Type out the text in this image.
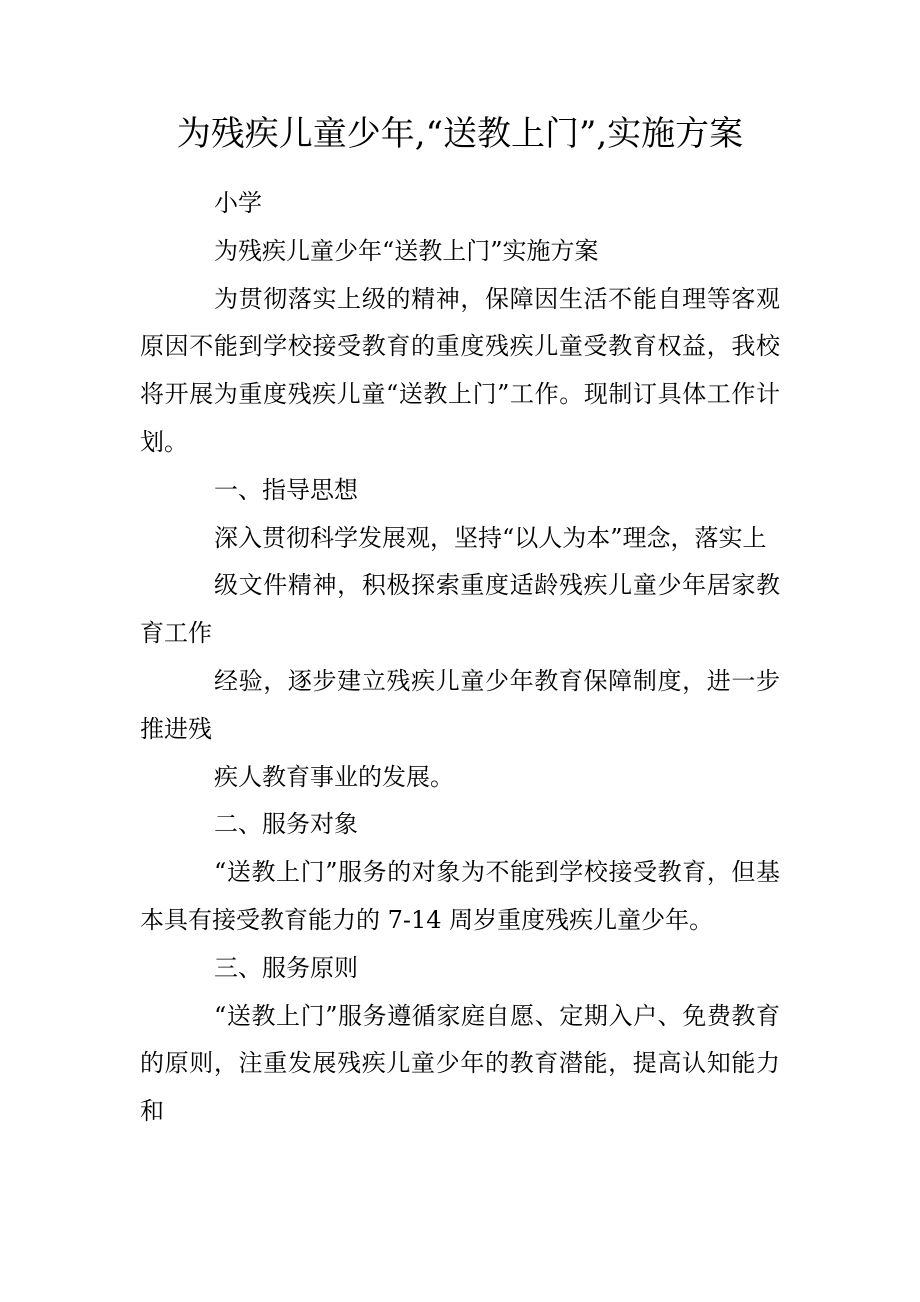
为残疾儿童少年,“送教上门”,实施方案

小学

为残疾儿童少年“送教上门”实施方案

为贯彻落实上级的精神，保障因生活不能自理等客观原因不能到学校接受教育的重度残疾儿童受教育权益，我校将开展为重度残疾儿童“送教上门”工作。现制订具体工作计划。

一、指导思想

深入贯彻科学发展观，坚持“以人为本”理念，落实上

级文件精神，积极探索重度适龄残疾儿童少年居家教育工作

经验，逐步建立残疾儿童少年教育保障制度，进一步推进残

疾人教育事业的发展。

二、服务对象

“送教上门”服务的对象为不能到学校接受教育，但基本具有接受教育能力的 7-14 周岁重度残疾儿童少年。

三、服务原则

“送教上门”服务遵循家庭自愿、定期入户、免费教育的原则，注重发展残疾儿童少年的教育潜能，提高认知能力和
